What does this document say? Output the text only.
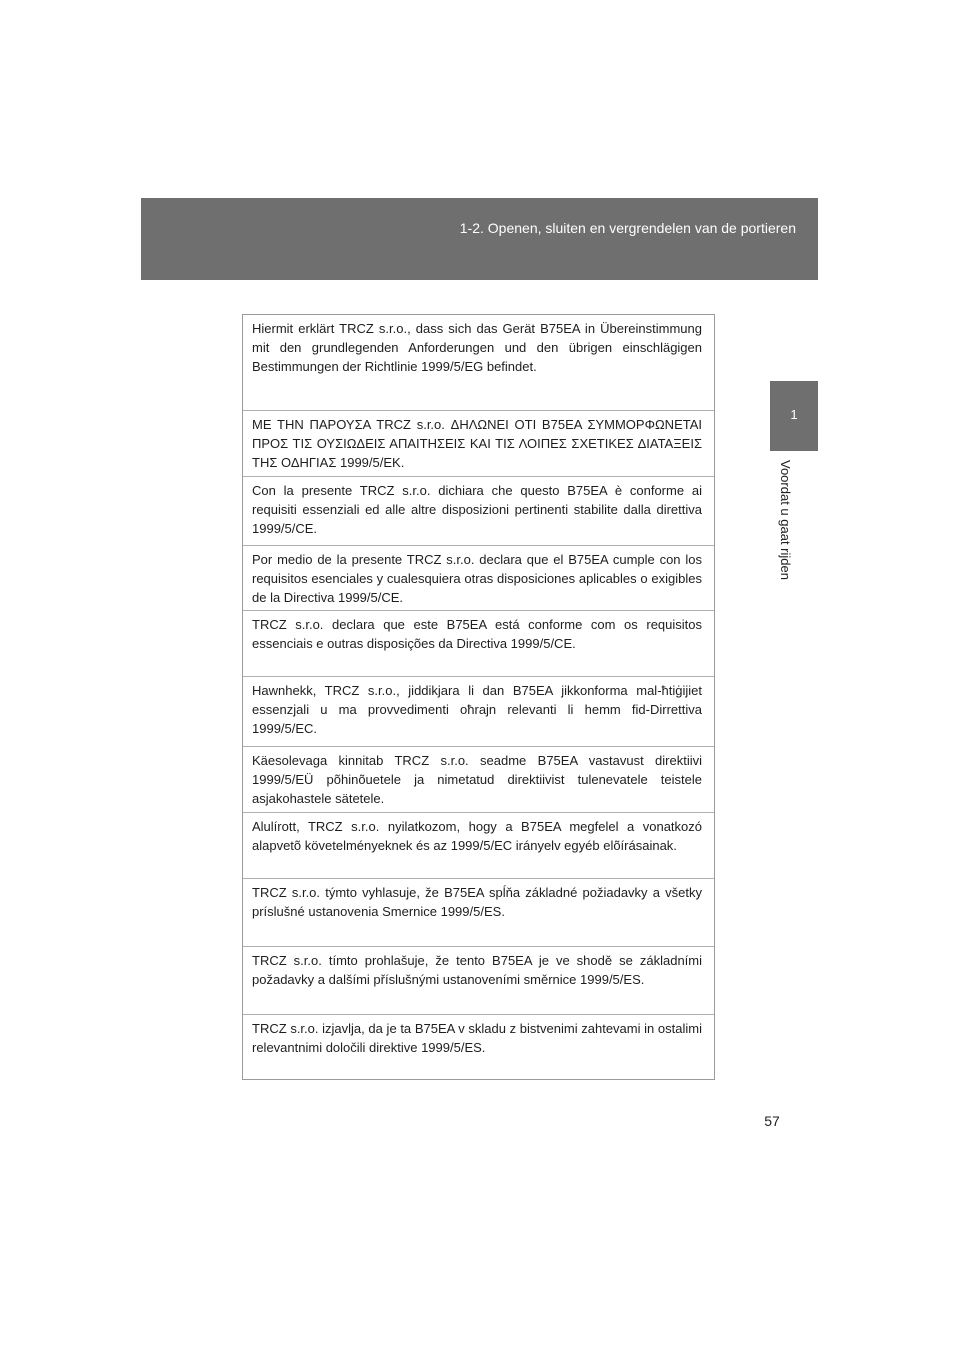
1-2. Openen, sluiten en vergrendelen van de portieren
1
Voordat u gaat rijden
Hiermit erklärt TRCZ s.r.o., dass sich das Gerät B75EA in Übereinstimmung mit den grundlegenden Anforderungen und den übrigen einschlägigen Bestimmungen der Richtlinie 1999/5/EG befindet.
ΜΕ ΤΗΝ ΠΑΡΟΥΣΑ TRCZ s.r.o. ΔΗΛΩΝΕΙ ΟΤΙ B75EA ΣΥΜΜΟΡΦΩΝΕΤΑΙ ΠΡΟΣ ΤΙΣ ΟΥΣΙΩΔΕΙΣ ΑΠΑΙΤΗΣΕΙΣ ΚΑΙ ΤΙΣ ΛΟΙΠΕΣ ΣΧΕΤΙΚΕΣ ΔΙΑΤΑΞΕΙΣ ΤΗΣ ΟΔΗΓΙΑΣ 1999/5/ΕΚ.
Con la presente TRCZ s.r.o. dichiara che questo B75EA è conforme ai requisiti essenziali ed alle altre disposizioni pertinenti stabilite dalla direttiva 1999/5/CE.
Por medio de la presente TRCZ s.r.o. declara que el B75EA cumple con los requisitos esenciales y cualesquiera otras disposiciones aplicables o exigibles de la Directiva 1999/5/CE.
TRCZ s.r.o. declara que este B75EA está conforme com os requisitos essenciais e outras disposições da Directiva 1999/5/CE.
Hawnhekk, TRCZ s.r.o., jiddikjara li dan B75EA jikkonforma mal-ħtiġijiet essenzjali u ma provvedimenti oħrajn relevanti li hemm fid-Dirrettiva 1999/5/EC.
Käesolevaga kinnitab TRCZ s.r.o. seadme B75EA vastavust direktiivi 1999/5/EÜ põhinõuetele ja nimetatud direktiivist tulenevatele teistele asjakohastele sätetele.
Alulírott, TRCZ s.r.o. nyilatkozom, hogy a B75EA megfelel a vonatkozó alapvetõ követelményeknek és az 1999/5/EC irányelv egyéb elõírásainak.
TRCZ s.r.o. týmto vyhlasuje, že B75EA spĺňa základné požiadavky a všetky príslušné ustanovenia Smernice 1999/5/ES.
TRCZ s.r.o. tímto prohlašuje, že tento B75EA je ve shodě se základními požadavky a dalšími příslušnými ustanoveními směrnice 1999/5/ES.
TRCZ s.r.o. izjavlja, da je ta B75EA v skladu z bistvenimi zahtevami in ostalimi relevantnimi določili direktive 1999/5/ES.
57
